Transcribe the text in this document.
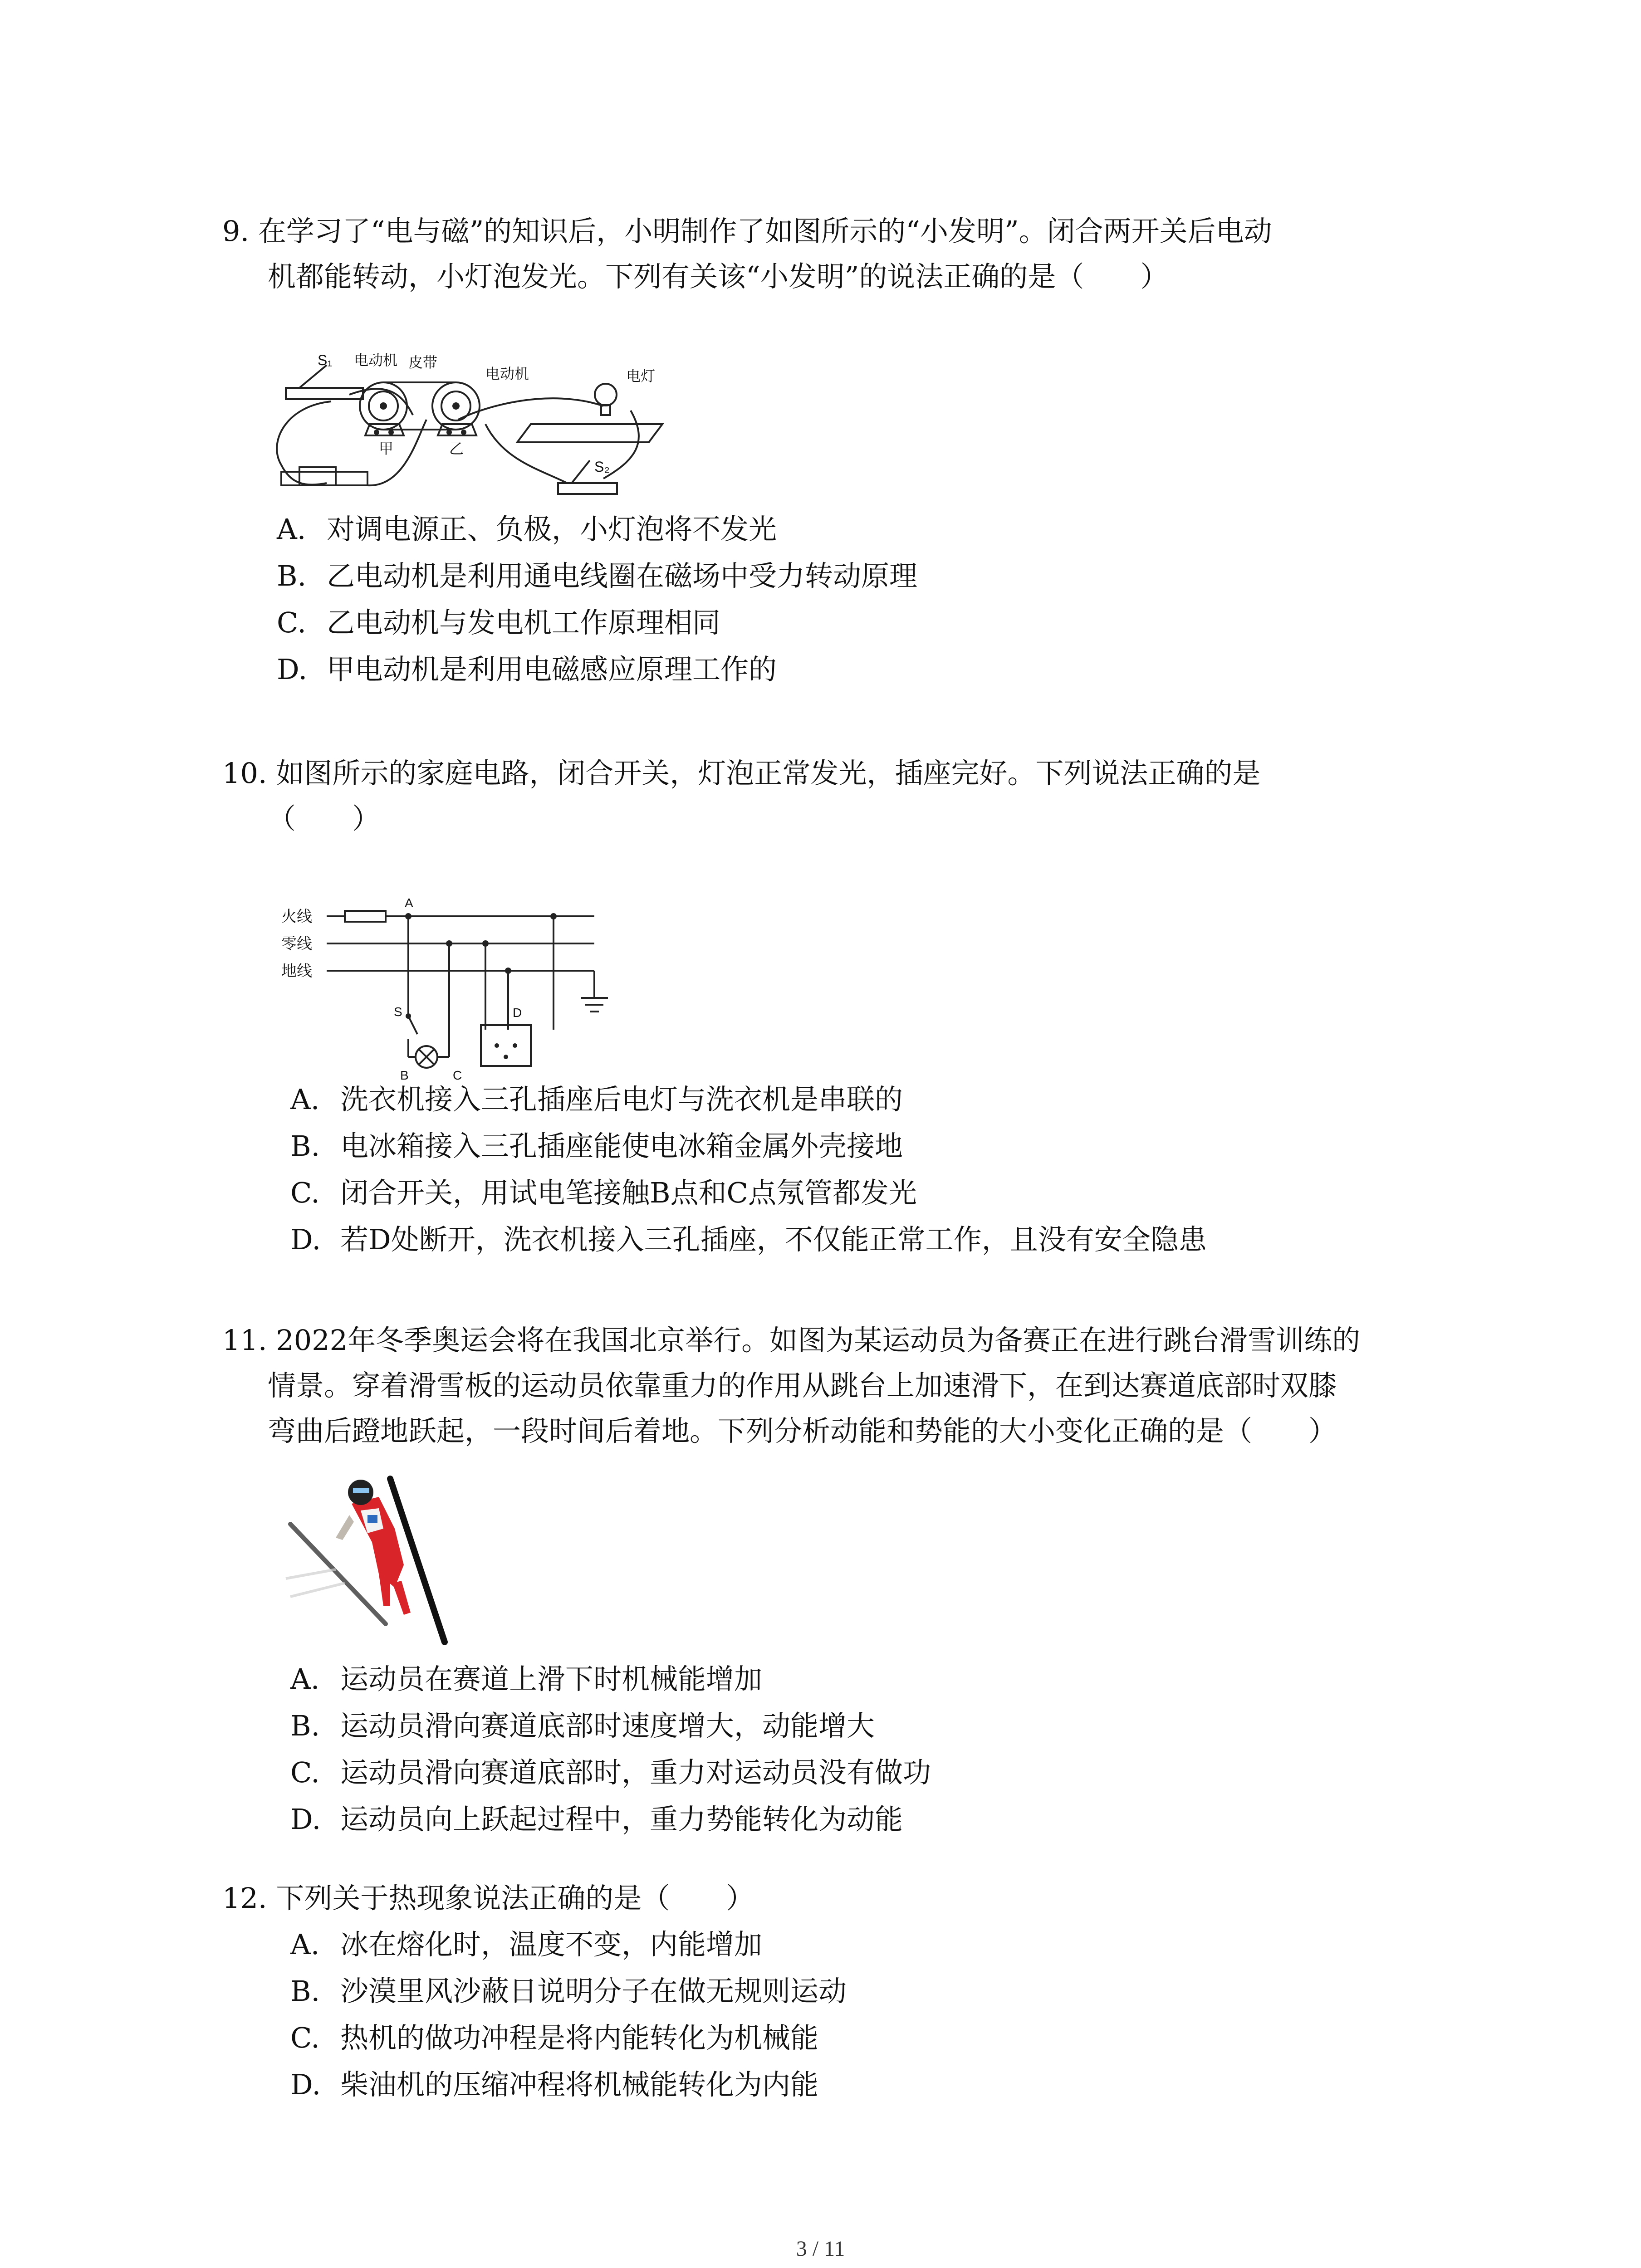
9. 在学习了“电与磁”的知识后，小明制作了如图所示的“小发明”。闭合两开关后电动
机都能转动，小灯泡发光。下列有关该“小发明”的说法正确的是（　　）

S₁
S₂
电动机 皮带
电动机	电灯
甲	乙
A. 对调电源正、负极，小灯泡将不发光
B. 乙电动机是利用通电线圈在磁场中受力转动原理
C. 乙电动机与发电机工作原理相同
D. 甲电动机是利用电磁感应原理工作的

10. 如图所示的家庭电路，闭合开关，灯泡正常发光，插座完好。下列说法正确的是
（　　）

火线
零线
地线
A
S
B	C
D
A. 洗衣机接入三孔插座后电灯与洗衣机是串联的
B. 电冰箱接入三孔插座能使电冰箱金属外壳接地
C. 闭合开关，用试电笔接触B点和C点氖管都发光
D. 若D处断开，洗衣机接入三孔插座，不仅能正常工作，且没有安全隐患

11. 2022年冬季奥运会将在我国北京举行。如图为某运动员为备赛正在进行跳台滑雪训练的
情景。穿着滑雪板的运动员依靠重力的作用从跳台上加速滑下，在到达赛道底部时双膝
弯曲后蹬地跃起，一段时间后着地。下列分析动能和势能的大小变化正确的是（　　）

A. 运动员在赛道上滑下时机械能增加
B. 运动员滑向赛道底部时速度增大，动能增大
C. 运动员滑向赛道底部时，重力对运动员没有做功
D. 运动员向上跃起过程中，重力势能转化为动能

12. 下列关于热现象说法正确的是（　　）

A. 冰在熔化时，温度不变，内能增加
B. 沙漠里风沙蔽日说明分子在做无规则运动
C. 热机的做功冲程是将内能转化为机械能
D. 柴油机的压缩冲程将机械能转化为内能
3 / 11
